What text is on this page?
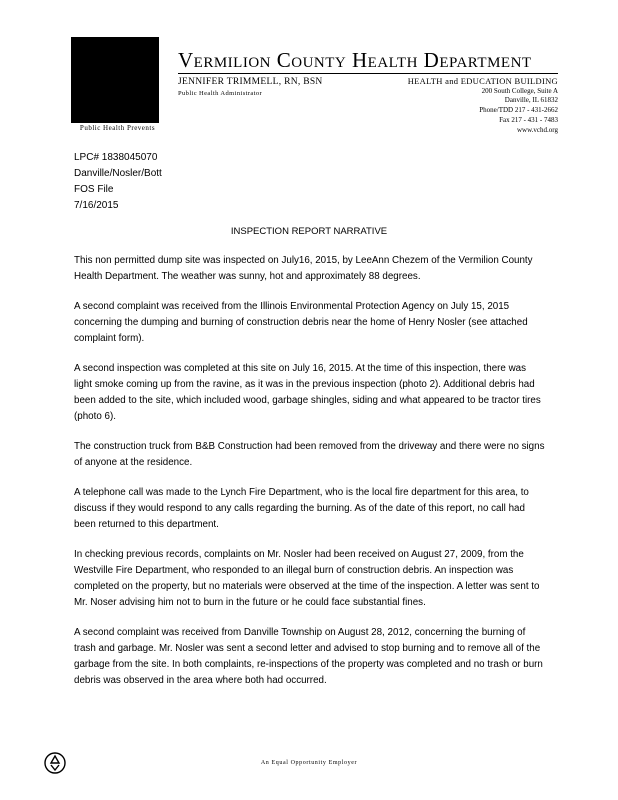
Public Health Prevents
Vermilion County Health Department
JENNIFER TRIMMELL, RN, BSN
Public Health Administrator
HEALTH and EDUCATION BUILDING
200 South College, Suite A
Danville, IL 61832
Phone/TDD 217 - 431-2662
Fax 217 - 431 - 7483
www.vchd.org
LPC# 1838045070
Danville/Nosler/Bott
FOS File
7/16/2015
INSPECTION REPORT NARRATIVE

This non permitted dump site was inspected on July16, 2015, by LeeAnn Chezem of the Vermilion County Health Department. The weather was sunny, hot and approximately 88 degrees.

A second complaint was received from the Illinois Environmental Protection Agency on July 15, 2015 concerning the dumping and burning of construction debris near the home of Henry Nosler (see attached complaint form).

A second inspection was completed at this site on July 16, 2015. At the time of this inspection, there was light smoke coming up from the ravine, as it was in the previous inspection (photo 2). Additional debris had been added to the site, which included wood, garbage shingles, siding and what appeared to be tractor tires (photo 6).

The construction truck from B&B Construction had been removed from the driveway and there were no signs of anyone at the residence.

A telephone call was made to the Lynch Fire Department, who is the local fire department for this area, to discuss if they would respond to any calls regarding the burning. As of the date of this report, no call had been returned to this department.

In checking previous records, complaints on Mr. Nosler had been received on August 27, 2009, from the Westville Fire Department, who responded to an illegal burn of construction debris. An inspection was completed on the property, but no materials were observed at the time of the inspection. A letter was sent to Mr. Noser advising him not to burn in the future or he could face substantial fines.

A second complaint was received from Danville Township on August 28, 2012, concerning the burning of trash and garbage. Mr. Nosler was sent a second letter and advised to stop burning and to remove all of the garbage from the site. In both complaints, re-inspections of the property was completed and no trash or burn debris was observed in the area where both had occurred.

An Equal Opportunity Employer
